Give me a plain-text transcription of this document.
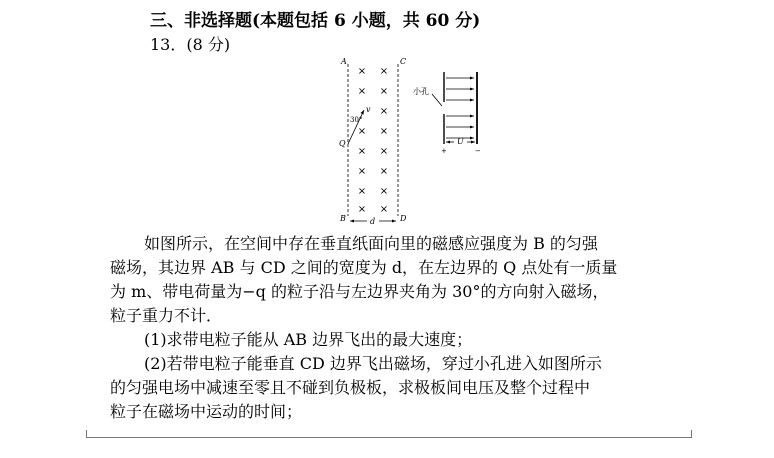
三、非选择题(本题包括 6 小题，共 60 分)
13．(8 分)
× ×
× ×
×
× ×
× ×
× ×
× ×
× ×
A	C
B	D
Q
d
v
U
30°
小孔
+	−
如图所示，在空间中存在垂直纸面向里的磁感应强度为 B 的匀强
磁场，其边界 AB 与 CD 之间的宽度为 d，在左边界的 Q 点处有一质量
为 m、带电荷量为−q 的粒子沿与左边界夹角为 30°的方向射入磁场，
粒子重力不计．
(1)求带电粒子能从 AB 边界飞出的最大速度；
(2)若带电粒子能垂直 CD 边界飞出磁场，穿过小孔进入如图所示
的匀强电场中减速至零且不碰到负极板，求极板间电压及整个过程中
粒子在磁场中运动的时间；
